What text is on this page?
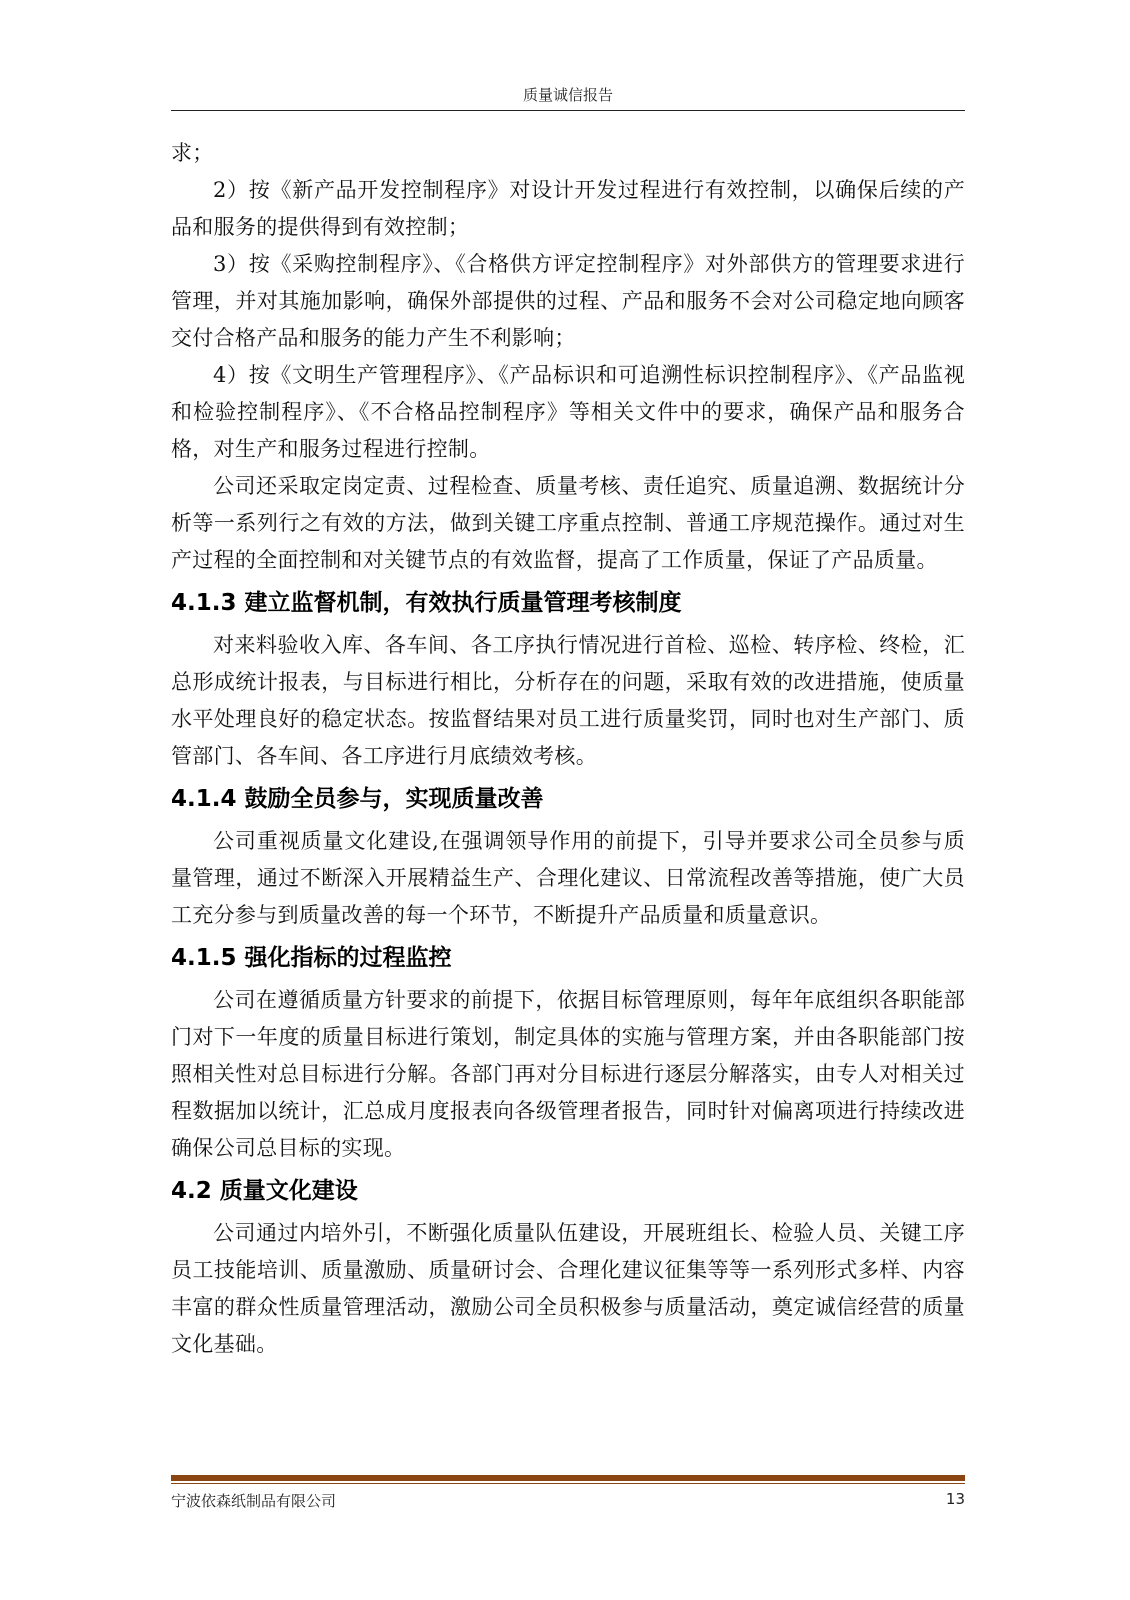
质量诚信报告

求；

2）按《新产品开发控制程序》对设计开发过程进行有效控制，以确保后续的产品和服务的提供得到有效控制；

3）按《采购控制程序》、《合格供方评定控制程序》对外部供方的管理要求进行管理，并对其施加影响，确保外部提供的过程、产品和服务不会对公司稳定地向顾客交付合格产品和服务的能力产生不利影响；

4）按《文明生产管理程序》、《产品标识和可追溯性标识控制程序》、《产品监视和检验控制程序》、《不合格品控制程序》等相关文件中的要求，确保产品和服务合格，对生产和服务过程进行控制。

公司还采取定岗定责、过程检查、质量考核、责任追究、质量追溯、数据统计分析等一系列行之有效的方法，做到关键工序重点控制、普通工序规范操作。通过对生产过程的全面控制和对关键节点的有效监督，提高了工作质量，保证了产品质量。

4.1.3 建立监督机制，有效执行质量管理考核制度

对来料验收入库、各车间、各工序执行情况进行首检、巡检、转序检、终检，汇总形成统计报表，与目标进行相比，分析存在的问题，采取有效的改进措施，使质量水平处理良好的稳定状态。按监督结果对员工进行质量奖罚，同时也对生产部门、质管部门、各车间、各工序进行月底绩效考核。

4.1.4 鼓励全员参与，实现质量改善

公司重视质量文化建设,在强调领导作用的前提下，引导并要求公司全员参与质量管理，通过不断深入开展精益生产、合理化建议、日常流程改善等措施，使广大员工充分参与到质量改善的每一个环节，不断提升产品质量和质量意识。

4.1.5 强化指标的过程监控

公司在遵循质量方针要求的前提下，依据目标管理原则，每年年底组织各职能部门对下一年度的质量目标进行策划，制定具体的实施与管理方案，并由各职能部门按照相关性对总目标进行分解。各部门再对分目标进行逐层分解落实，由专人对相关过程数据加以统计，汇总成月度报表向各级管理者报告，同时针对偏离项进行持续改进确保公司总目标的实现。

4.2 质量文化建设

公司通过内培外引，不断强化质量队伍建设，开展班组长、检验人员、关键工序员工技能培训、质量激励、质量研讨会、合理化建议征集等等一系列形式多样、内容丰富的群众性质量管理活动，激励公司全员积极参与质量活动，奠定诚信经营的质量文化基础。

宁波依森纸制品有限公司	13
